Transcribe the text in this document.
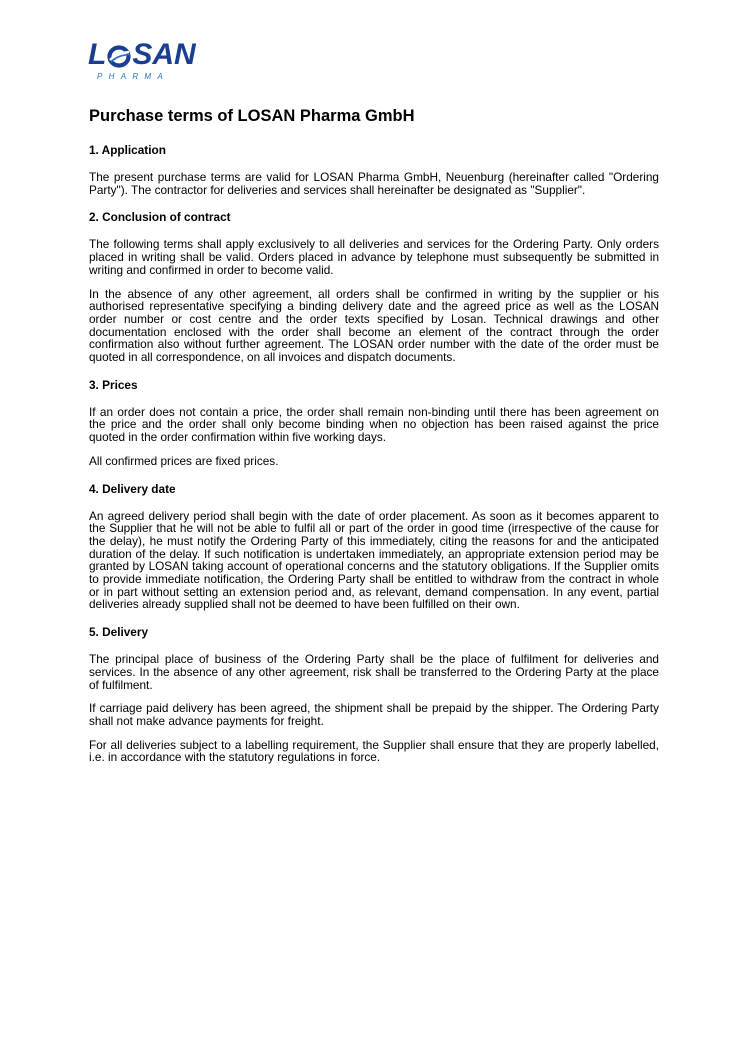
L SAN
PHARMA
Purchase terms of LOSAN Pharma GmbH
1. Application

The present purchase terms are valid for LOSAN Pharma GmbH, Neuenburg (hereinafter called "Ordering Party"). The contractor for deliveries and services shall hereinafter be designated as "Supplier".

2. Conclusion of contract

The following terms shall apply exclusively to all deliveries and services for the Ordering Party. Only orders placed in writing shall be valid. Orders placed in advance by telephone must subsequently be submitted in writing and confirmed in order to become valid.

In the absence of any other agreement, all orders shall be confirmed in writing by the supplier or his authorised representative specifying a binding delivery date and the agreed price as well as the LOSAN order number or cost centre and the order texts specified by Losan. Technical drawings and other documentation enclosed with the order shall become an element of the contract through the order confirmation also without further agreement. The LOSAN order number with the date of the order must be quoted in all correspondence, on all invoices and dispatch documents.

3. Prices

If an order does not contain a price, the order shall remain non-binding until there has been agreement on the price and the order shall only become binding when no objection has been raised against the price quoted in the order confirmation within five working days.

All confirmed prices are fixed prices.

4. Delivery date

An agreed delivery period shall begin with the date of order placement. As soon as it becomes apparent to the Supplier that he will not be able to fulfil all or part of the order in good time (irrespective of the cause for the delay), he must notify the Ordering Party of this immediately, citing the reasons for and the anticipated duration of the delay. If such notification is undertaken immediately, an appropriate extension period may be granted by LOSAN taking account of operational concerns and the statutory obligations. If the Supplier omits to provide immediate notification, the Ordering Party shall be entitled to withdraw from the contract in whole or in part without setting an extension period and, as relevant, demand compensation. In any event, partial deliveries already supplied shall not be deemed to have been fulfilled on their own.

5. Delivery

The principal place of business of the Ordering Party shall be the place of fulfilment for deliveries and services. In the absence of any other agreement, risk shall be transferred to the Ordering Party at the place of fulfilment.

If carriage paid delivery has been agreed, the shipment shall be prepaid by the shipper. The Ordering Party shall not make advance payments for freight.

For all deliveries subject to a labelling requirement, the Supplier shall ensure that they are properly labelled, i.e. in accordance with the statutory regulations in force.
